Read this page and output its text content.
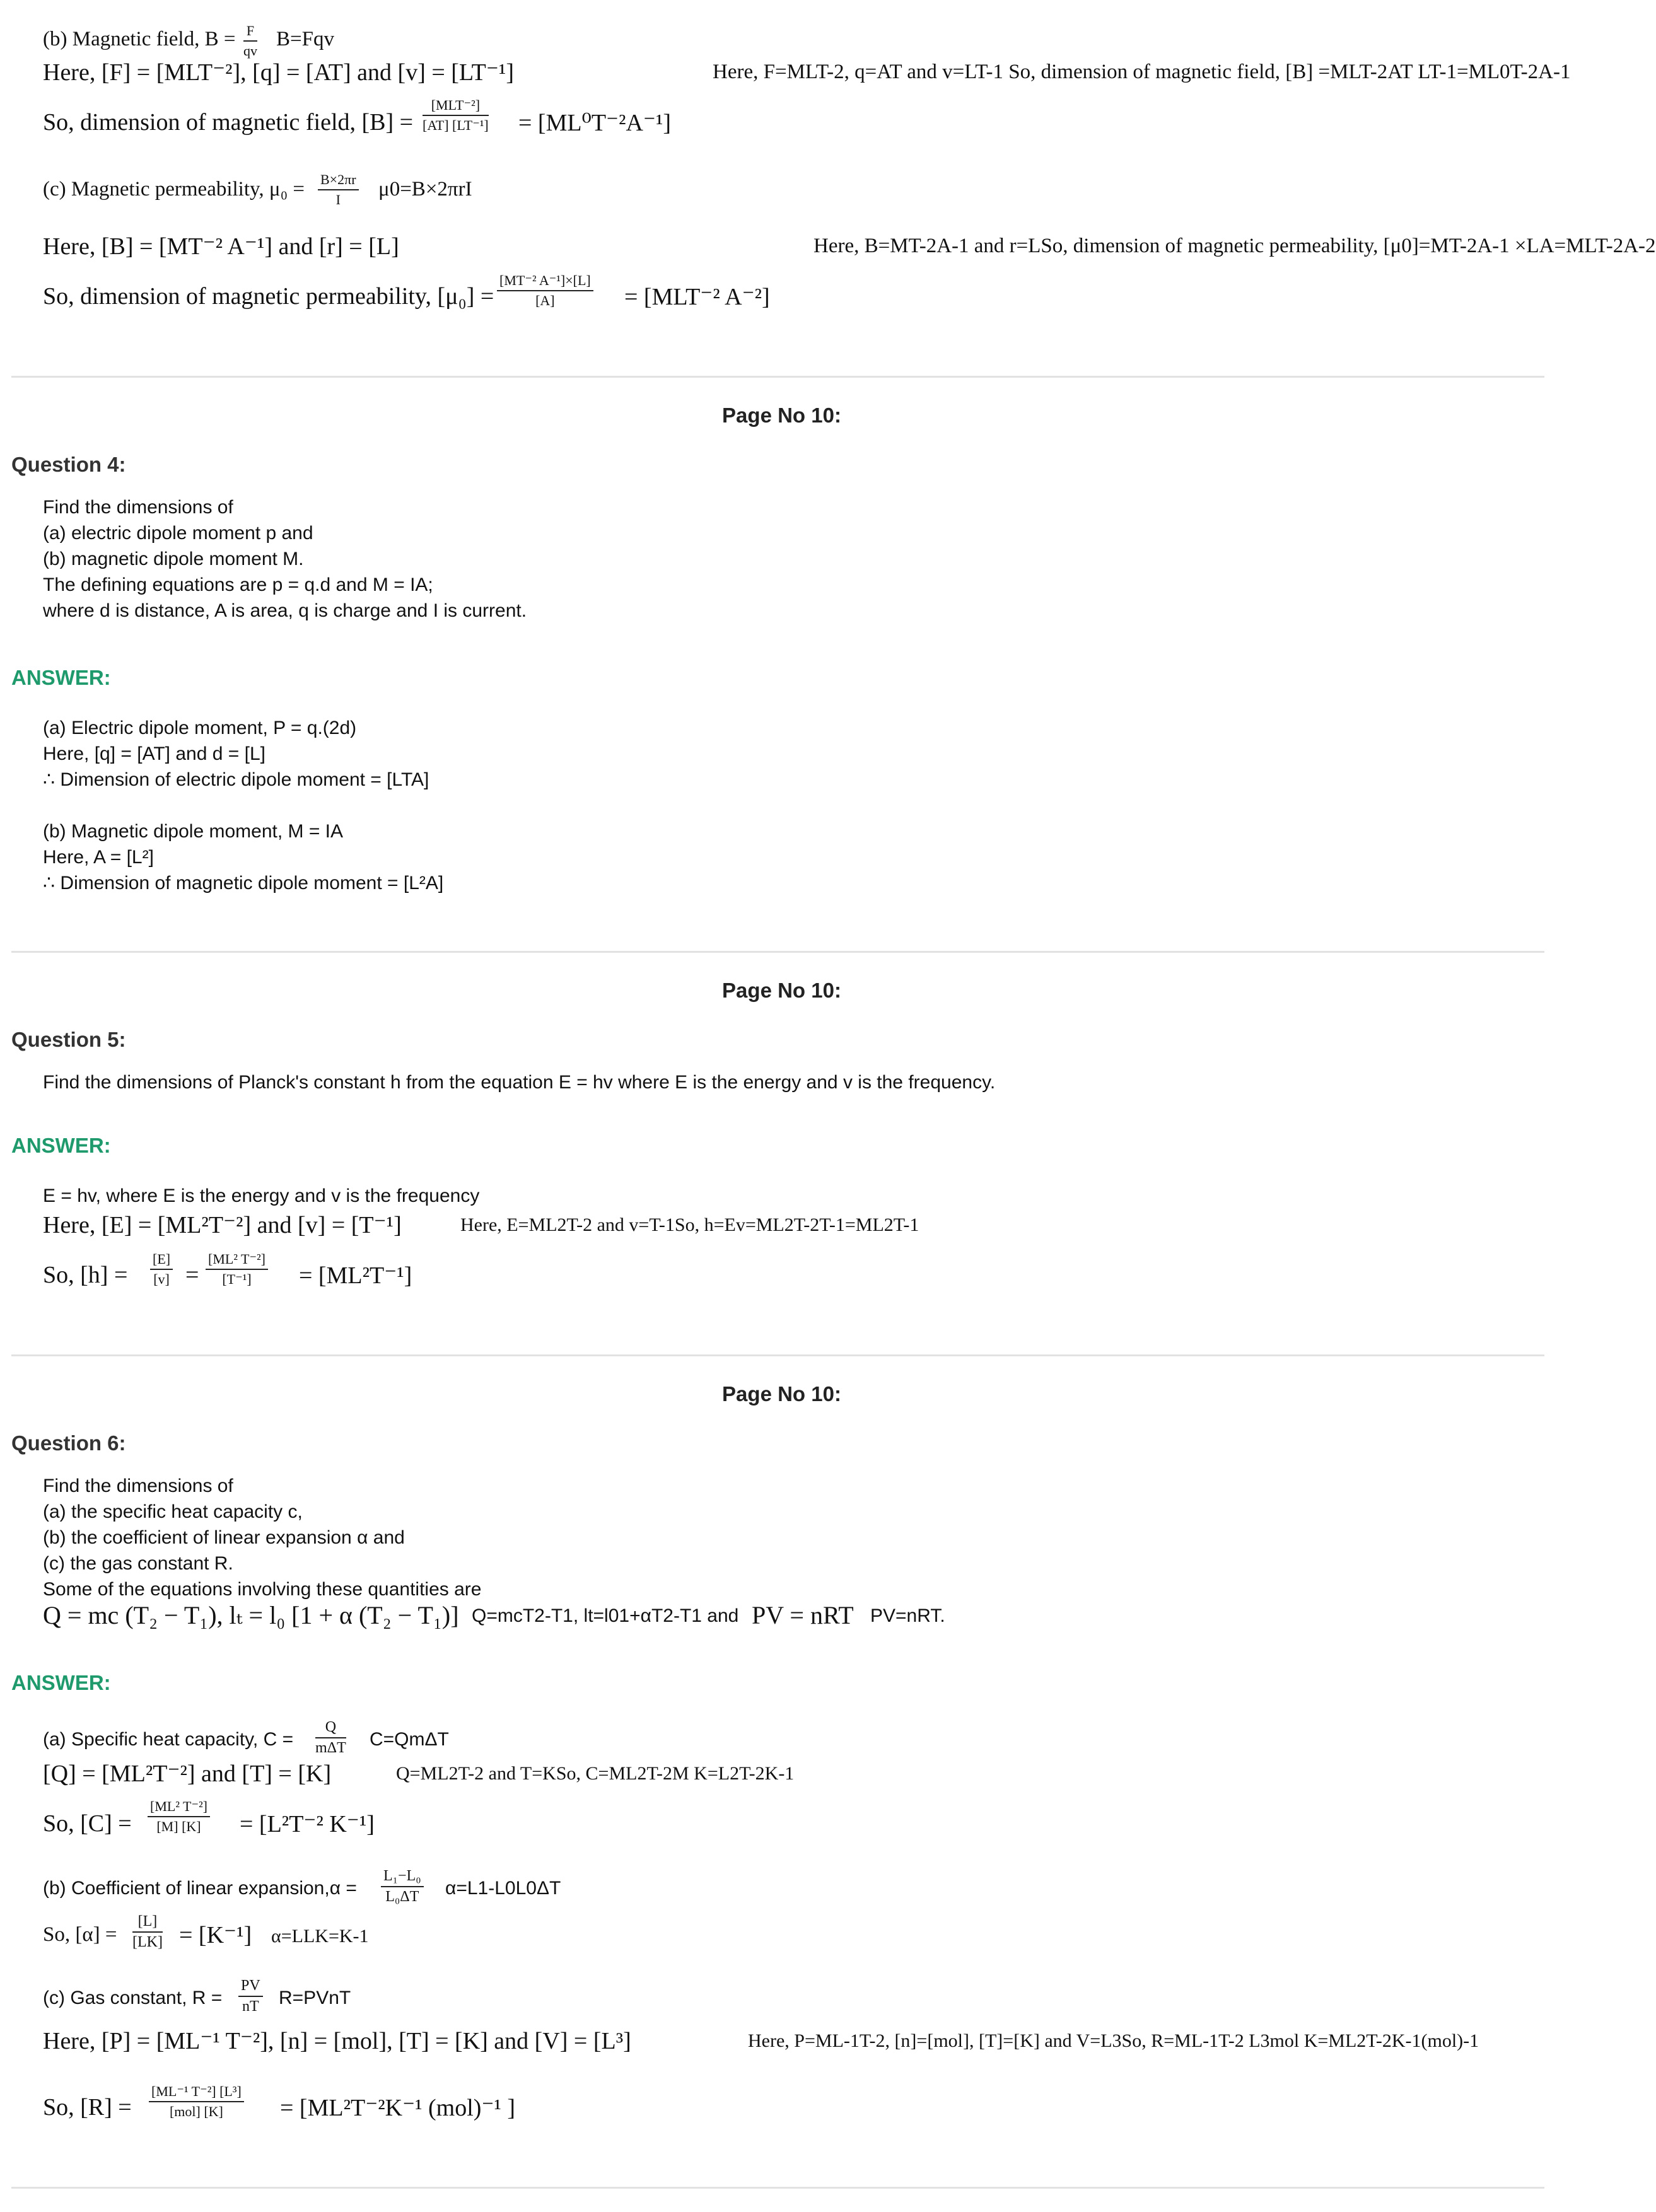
(b) Magnetic field, $B = \frac{F}{qv} B=Fqv$
Here, [F] = [MLT⁻²], [q] = [AT] and [v] = [LT⁻¹]	Here, F=MLT-2, q=AT and v=LT-1 So, dimension of magnetic field, [B] =MLT-2AT LT-1=ML0T-2A-1
So, dimension of magnetic field, [B] =
[MLT⁻²]
[AT] [LT⁻¹] = [ML⁰T⁻²A⁻¹]
(c) Magnetic permeability, $\mu_0 = \frac{B\times 2\pi r}{I} \mu 0=B\times 2\pi rI$
Here, [B] = [MT⁻² A⁻¹] and [r] = [L]	Here, B=MT-2A-1 and r=LSo, dimension of magnetic permeability, [μ0]=MT-2A-1 ×LA=MLT-2A-2
So, dimension of magnetic permeability, $[\mu_0] = \frac{\text{[MT⁻² A⁻¹]×[L]}}{[A]} = [MLT^{-2}$ A⁻²]
Page No 10:
Question 4:
Find the dimensions of
(a) electric dipole moment p and
(b) magnetic dipole moment M.
The defining equations are p = q.d and M = IA;
where d is distance, A is area, q is charge and I is current.
ANSWER:
(a) Electric dipole moment, P = q.(2d)
Here, [q] = [AT] and d = [L]
∴ Dimension of electric dipole moment = [LTA]
(b) Magnetic dipole moment, M = IA
Here, A = [L²]
∴ Dimension of magnetic dipole moment = [L²A]
Page No 10:
Question 5:
Find the dimensions of Planck's constant h from the equation E = hv where E is the energy and v is the frequency.
ANSWER:
E = hv, where E is the energy and v is the frequency
Here, [E] = [ML²T⁻²] and [v] = [T⁻¹]	Here, E=ML2T-2 and v=T-1So, h=Ev=ML2T-2T-1=ML2T-1
So, $[h] = \frac{[E]}{[v]} = \frac{\text{[ML² T⁻²]}}{\text{[T⁻¹]}} = [ML^2T^{-1}]$
Page No 10:
Question 6:
Find the dimensions of
(a) the specific heat capacity c,
(b) the coefficient of linear expansion α and
(c) the gas constant R.
Some of the equations involving these quantities are
Q = mc (T₂ − T₁), lₜ = l₀ [1 + α (T₂ − T₁)] Q=mcT2-T1, lt=l01+αT2-T1 and PV = nRT PV=nRT.
ANSWER:
(a) Specific heat capacity, C =
Q
mΔT C=QmΔT
[Q] = [ML²T⁻²] and [T] = [K]	Q=ML2T-2 and T=KSo, C=ML2T-2M K=L2T-2K-1
So, $[C] = \frac{\text{[ML² T⁻²]}}{[M] [K]} = [L^2T^{-2}$ K⁻¹]
(b) Coefficient of linear expansion,α = $\frac{\text{L₁−L₀}}{\text{L₀ΔT}} \alpha=L1-L0L0\Delta T$
So, $[\alpha] = \frac{[L]}{[LK]} = [K^{-1}]$ α=LLK=K-1
(c) Gas constant, $R = \frac{PV}{nT}$ R=PVnT
Here, [P] = [ML⁻¹ T⁻²], [n] = [mol], [T] = [K] and [V] = [L³]	Here, P=ML-1T-2, [n]=[mol], [T]=[K] and V=L3So, R=ML-1T-2 L3mol K=ML2T-2K-1(mol)-1
So, [R] =
[ML⁻¹ T⁻²] [L³]
[mol] [K]	= [ML²T⁻²K⁻¹ (mol)⁻¹ ]
